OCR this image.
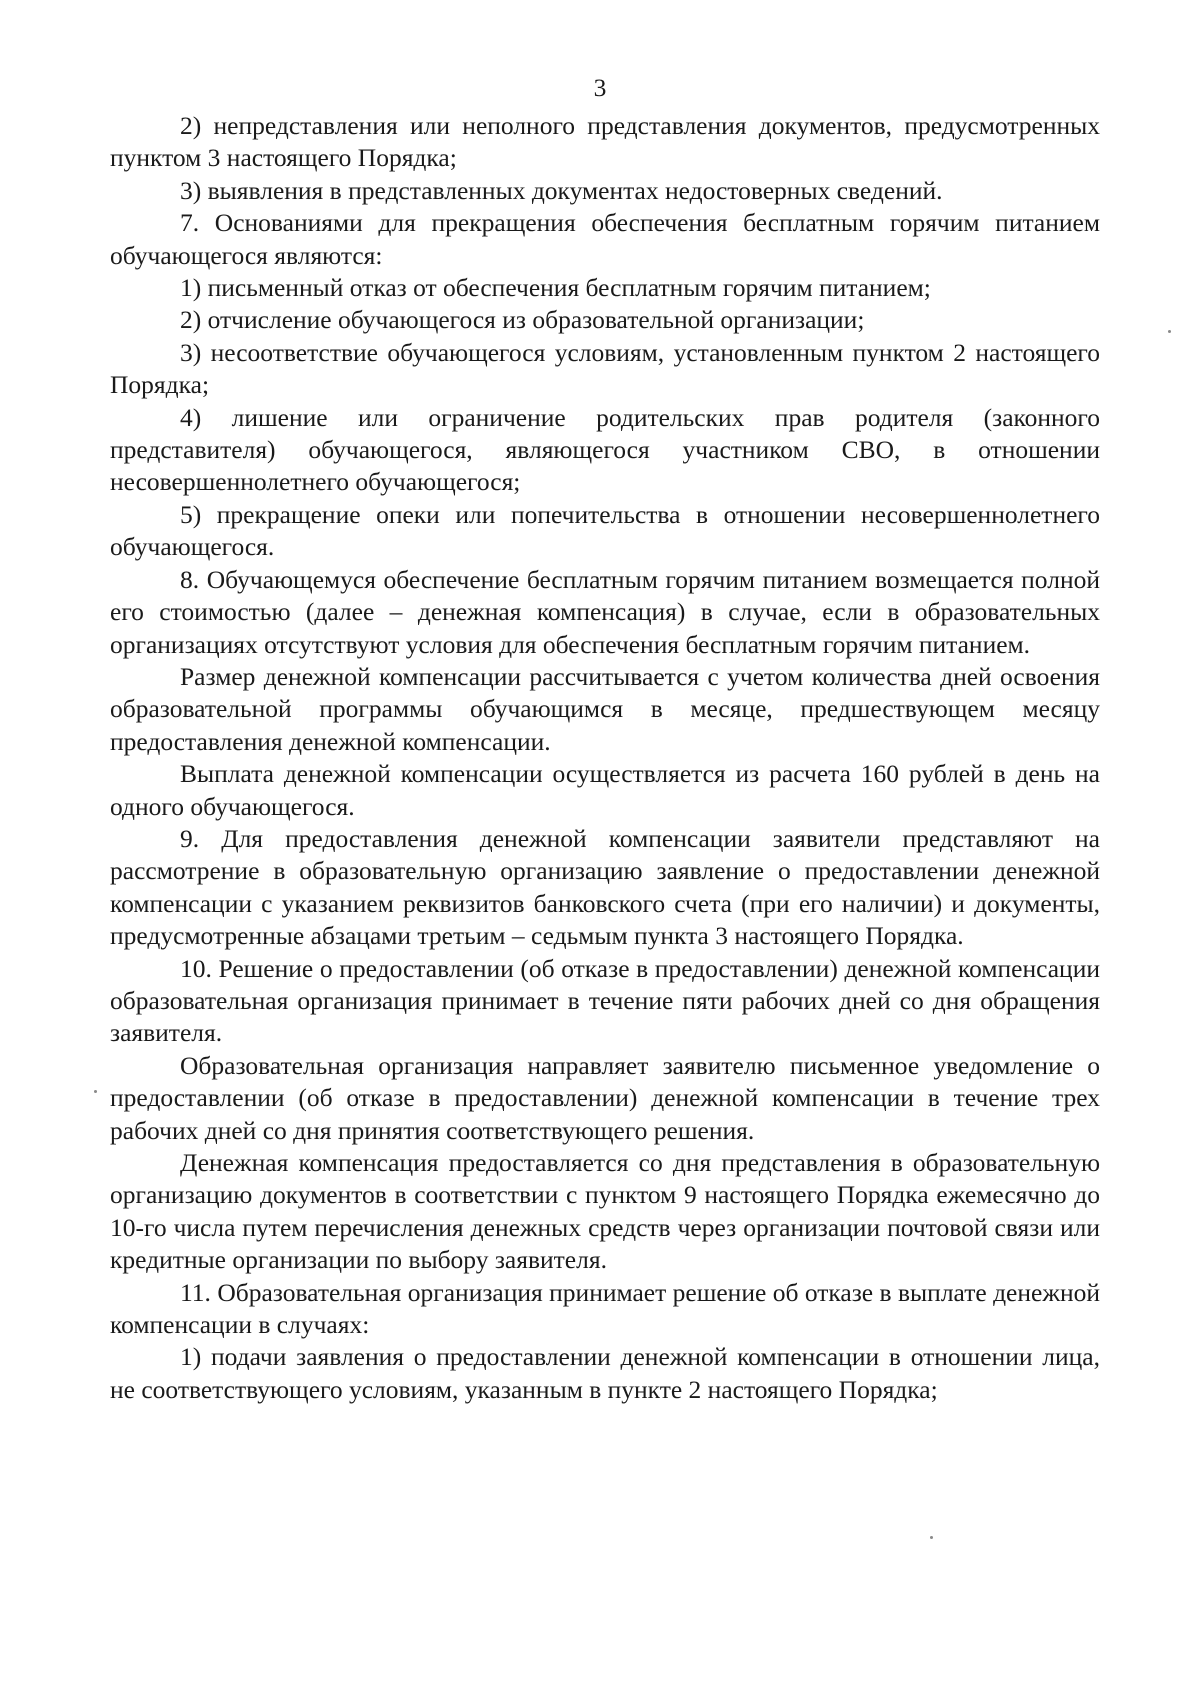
3

2) непредставления или неполного представления документов, предусмотренных пунктом 3 настоящего Порядка;

3) выявления в представленных документах недостоверных сведений.

7. Основаниями для прекращения обеспечения бесплатным горячим питанием обучающегося являются:

1) письменный отказ от обеспечения бесплатным горячим питанием;

2) отчисление обучающегося из образовательной организации;

3) несоответствие обучающегося условиям, установленным пунктом 2 настоящего Порядка;

4) лишение или ограничение родительских прав родителя (законного представителя) обучающегося, являющегося участником СВО, в отношении несовершеннолетнего обучающегося;

5) прекращение опеки или попечительства в отношении несовершеннолетнего обучающегося.

8. Обучающемуся обеспечение бесплатным горячим питанием возмещается полной его стоимостью (далее – денежная компенсация) в случае, если в образовательных организациях отсутствуют условия для обеспечения бесплатным горячим питанием.

Размер денежной компенсации рассчитывается с учетом количества дней освоения образовательной программы обучающимся в месяце, предшествующем месяцу предоставления денежной компенсации.

Выплата денежной компенсации осуществляется из расчета 160 рублей в день на одного обучающегося.

9. Для предоставления денежной компенсации заявители представляют на рассмотрение в образовательную организацию заявление о предоставлении денежной компенсации с указанием реквизитов банковского счета (при его наличии) и документы, предусмотренные абзацами третьим – седьмым пункта 3 настоящего Порядка.

10. Решение о предоставлении (об отказе в предоставлении) денежной компенсации образовательная организация принимает в течение пяти рабочих дней со дня обращения заявителя.

Образовательная организация направляет заявителю письменное уведомление о предоставлении (об отказе в предоставлении) денежной компенсации в течение трех рабочих дней со дня принятия соответствующего решения.

Денежная компенсация предоставляется со дня представления в образовательную организацию документов в соответствии с пунктом 9 настоящего Порядка ежемесячно до 10-го числа путем перечисления денежных средств через организации почтовой связи или кредитные организации по выбору заявителя.

11. Образовательная организация принимает решение об отказе в выплате денежной компенсации в случаях:

1) подачи заявления о предоставлении денежной компенсации в отношении лица, не соответствующего условиям, указанным в пункте 2 настоящего Порядка;
